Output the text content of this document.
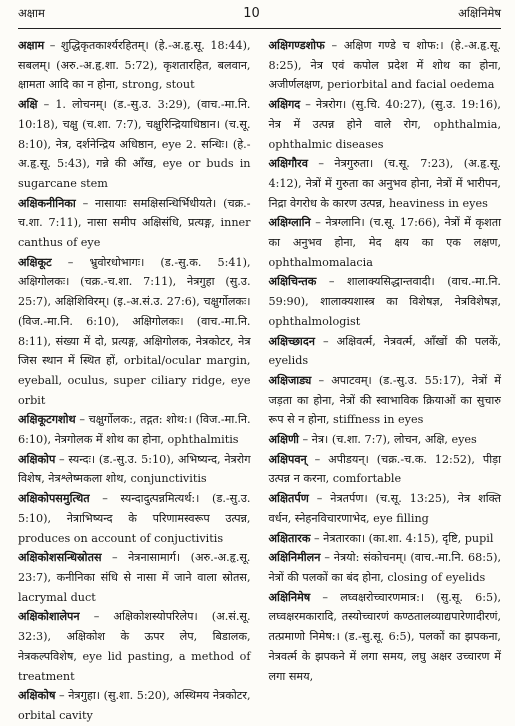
अक्षाम	10	अक्षिनिमेष

अक्षाम – शुद्धिकृतकार्श्यरहितम्। (हे.-अ.हृ.सू. 18:44), सबलम्। (अरु.-अ.हृ.शा. 5:72), कृशतारहित, बलवान, क्षामता आदि का न होना, strong, stout

अक्षि – 1. लोचनम्। (ड.-सु.उ. 3:29), (वाच.-मा.नि. 10:18), चक्षु (च.शा. 7:7), चक्षुरिन्द्रियाधिष्ठान। (च.सू. 8:10), नेत्र, दर्शनेन्द्रिय अधिष्ठान, eye 2. सन्धिः। (हे.-अ.हृ.सू. 5:43), गन्ने की आँख, eye or buds in sugarcane stem

अक्षिकनीनिका – नासायाः समक्षिसन्धिर्भिधीयते। (चक्र.-च.शा. 7:11), नासा समीप अक्षिसंधि, प्रत्यङ्ग, inner canthus of eye

अक्षिकूट – भ्रुवोरधोभागः। (ड.-सु.क. 5:41), अक्षिगोलकः। (चक्र.-च.शा. 7:11), नेत्रगुहा (सु.उ. 25:7), अक्षिशिविरम्। (इ.-अ.सं.उ. 27:6), चक्षुर्गोलकः। (विज.-मा.नि. 6:10), अक्षिगोलकः। (वाच.-मा.नि. 8:11), संख्या में दो, प्रत्यङ्ग, अक्षिगोलक, नेत्रकोटर, नेत्र जिस स्थान में स्थित हों, orbital/ocular margin, eyeball, oculus, super ciliary ridge, eye orbit

अक्षिकूटगशोथ – चक्षुर्गोलक:, तद्गत: शोथ:। (विज.-मा.नि. 6:10), नेत्रगोलक में शोथ का होना, ophthalmitis

अक्षिकोप – स्यन्दः। (ड.-सु.उ. 5:10), अभिष्यन्द, नेत्ररोग विशेष, नेत्रश्लेष्मकला शोथ, conjunctivitis

अक्षिकोपसमुत्थित – स्यन्दादुत्पन्नमित्यर्थ:। (ड.-सु.उ. 5:10), नेत्राभिष्यन्द के परिणामस्वरूप उत्पन्न, produces on account of conjuctivitis

अक्षिकोशसन्धिस्रोतस – नेत्रनासामार्ग। (अरु.-अ.हृ.सू. 23:7), कनीनिका संधि से नासा में जाने वाला स्रोतस, lacrymal duct

अक्षिकोशालेपन – अक्षिकोशस्योपरिलेप। (अ.सं.सू. 32:3), अक्षिकोश के ऊपर लेप, बिडालक, नेत्रकल्पविशेष, eye lid pasting, a method of treatment

अक्षिकोष – नेत्रगुहा। (सु.शा. 5:20), अस्थिमय नेत्रकोटर, orbital cavity

अक्षिगण्डशोफ – अक्षिण गण्डे च शोफ:। (हे.-अ.हृ.सू. 8:25), नेत्र एवं कपोल प्रदेश में शोथ का होना, अजीर्णलक्षण, periorbital and facial oedema

अक्षिगद – नेत्ररोग। (सु.चि. 40:27), (सु.उ. 19:16), नेत्र में उत्पन्न होने वाले रोग, ophthalmia, ophthalmic diseases

अक्षिगौरव – नेत्रगुरुता। (च.सू. 7:23), (अ.हृ.सू. 4:12), नेत्रों में गुरुता का अनुभव होना, नेत्रों में भारीपन, निद्रा वेगरोध के कारण उत्पन्न, heaviness in eyes

अक्षिग्लानि – नेत्रग्लानि। (च.सू. 17:66), नेत्रों में कृशता का अनुभव होना, मेद क्षय का एक लक्षण, ophthalmomalacia

अक्षिचिन्तक – शालाक्यसिद्धान्तवादी। (वाच.-मा.नि. 59:90), शालाक्यशास्त्र का विशेषज्ञ, नेत्रविशेषज्ञ, ophthalmologist

अक्षिच्छादन – अक्षिवर्त्म, नेत्रवर्त्म, आँखों की पलकें, eyelids

अक्षिजाड्य – अपाटवम्। (ड.-सु.उ. 55:17), नेत्रों में जड़ता का होना, नेत्रों की स्वाभाविक क्रियाओं का सुचारु रूप से न होना, stiffness in eyes

अक्षिणी – नेत्र। (च.शा. 7:7), लोचन, अक्षि, eyes

अक्षिपवन् – अपीडयन्। (चक्र.-च.क. 12:52), पीड़ा उत्पन्न न करना, comfortable

अक्षितर्पण – नेत्रतर्पण। (च.सू. 13:25), नेत्र शक्ति वर्धन, स्नेहनविचारणाभेद, eye filling

अक्षितारक – नेत्रतारका। (का.शा. 4:15), दृष्टि, pupil

अक्षिनिमीलन – नेत्रयो: संकोचनम्। (वाच.-मा.नि. 68:5), नेत्रों की पलकों का बंद होना, closing of eyelids

अक्षिनिमेष – लघ्वक्षरोच्चारणमात्र:। (सु.सू. 6:5), लघ्वक्षरमकारादि, तस्योच्चारणं कण्ठतालव्याद्यपारेणादीरणं, तत्प्रमाणो निमेष:। (ड.-सु.सू. 6:5), पलकों का झपकना, नेत्रवर्त्म के झपकने में लगा समय, लघु अक्षर उच्चारण में लगा समय,
